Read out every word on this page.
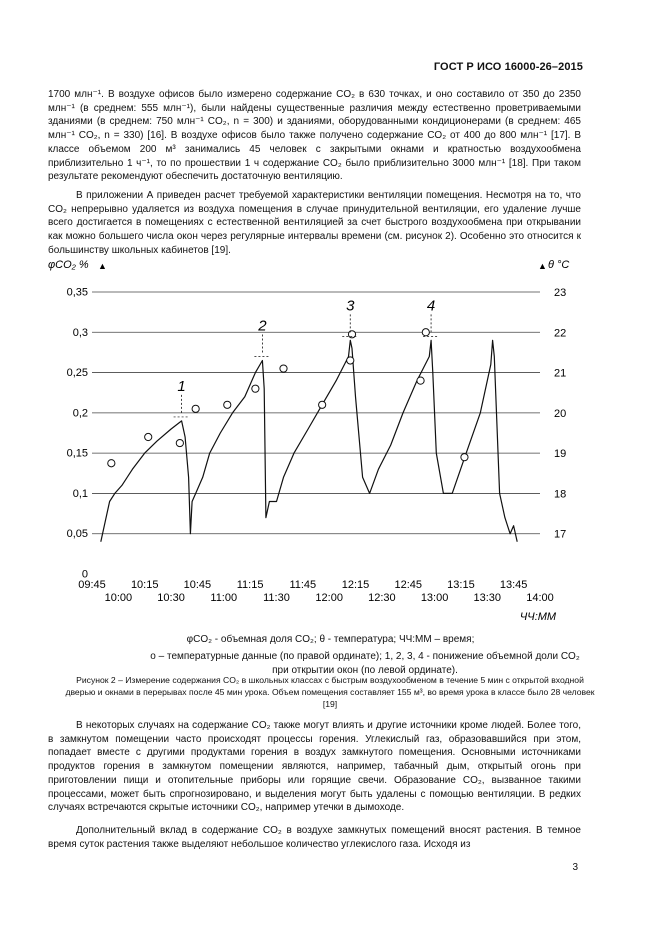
ГОСТ Р ИСО 16000-26–2015

1700 млн⁻¹. В воздухе офисов было измерено содержание CO₂ в 630 точках, и оно составило от 350 до 2350 млн⁻¹ (в среднем: 555 млн⁻¹), были найдены существенные различия между естественно проветриваемыми зданиями (в среднем: 750 млн⁻¹ CO₂, n = 300) и зданиями, оборудованными кондиционерами (в среднем: 465 млн⁻¹ CO₂, n = 330) [16]. В воздухе офисов было также получено содержание CO₂ от 400 до 800 млн⁻¹ [17]. В классе объемом 200 м³ занимались 45 человек с закрытыми окнами и кратностью воздухообмена приблизительно 1 ч⁻¹, то по прошествии 1 ч содержание CO₂ было приблизительно 3000 млн⁻¹ [18]. При таком результате рекомендуют обеспечить достаточную вентиляцию.

В приложении А приведен расчет требуемой характеристики вентиляции помещения. Несмотря на то, что CO₂ непрерывно удаляется из воздуха помещения в случае принудительной вентиляции, его удаление лучше всего достигается в помещениях с естественной вентиляцией за счет быстрого воздухообмена при открывании как можно большего числа окон через регулярные интервалы времени (см. рисунок 2). Особенно это относится к большинству школьных кабинетов [19].

0
0,05
0,1
0,15
0,2
0,25
0,3
0,35
17
18
19
20
21
22
23
φCO₂ %	θ °C
▲	▲
09:45 10:15 10:45 11:15 11:45 12:15 12:45 13:15 13:45
10:00 10:30 11:00 11:30 12:00 12:30 13:00 13:30 14:00
ЧЧ:ММ
1
2
3	4
φCO₂ - объемная доля CO₂; θ - температура; ЧЧ:ММ – время;
o – температурные данные (по правой ординате); 1, 2, 3, 4 - понижение объемной доли CO₂ при открытии окон (по левой ординате).
Рисунок 2 – Измерение содержания CO₂ в школьных классах с быстрым воздухообменом в течение 5 мин с открытой входной дверью и окнами в перерывах после 45 мин урока. Объем помещения составляет 155 м³, во время урока в классе было 28 человек [19]

В некоторых случаях на содержание CO₂ также могут влиять и другие источники кроме людей. Более того, в замкнутом помещении часто происходят процессы горения. Углекислый газ, образовавшийся при этом, попадает вместе с другими продуктами горения в воздух замкнутого помещения. Основными источниками продуктов горения в замкнутом помещении являются, например, табачный дым, открытый огонь при приготовлении пищи и отопительные приборы или горящие свечи. Образование CO₂, вызванное такими процессами, может быть спрогнозировано, и выделения могут быть удалены с помощью вентиляции. В редких случаях встречаются скрытые источники CO₂, например утечки в дымоходе.

Дополнительный вклад в содержание CO₂ в воздухе замкнутых помещений вносят растения. В темное время суток растения также выделяют небольшое количество углекислого газа. Исходя из

3
